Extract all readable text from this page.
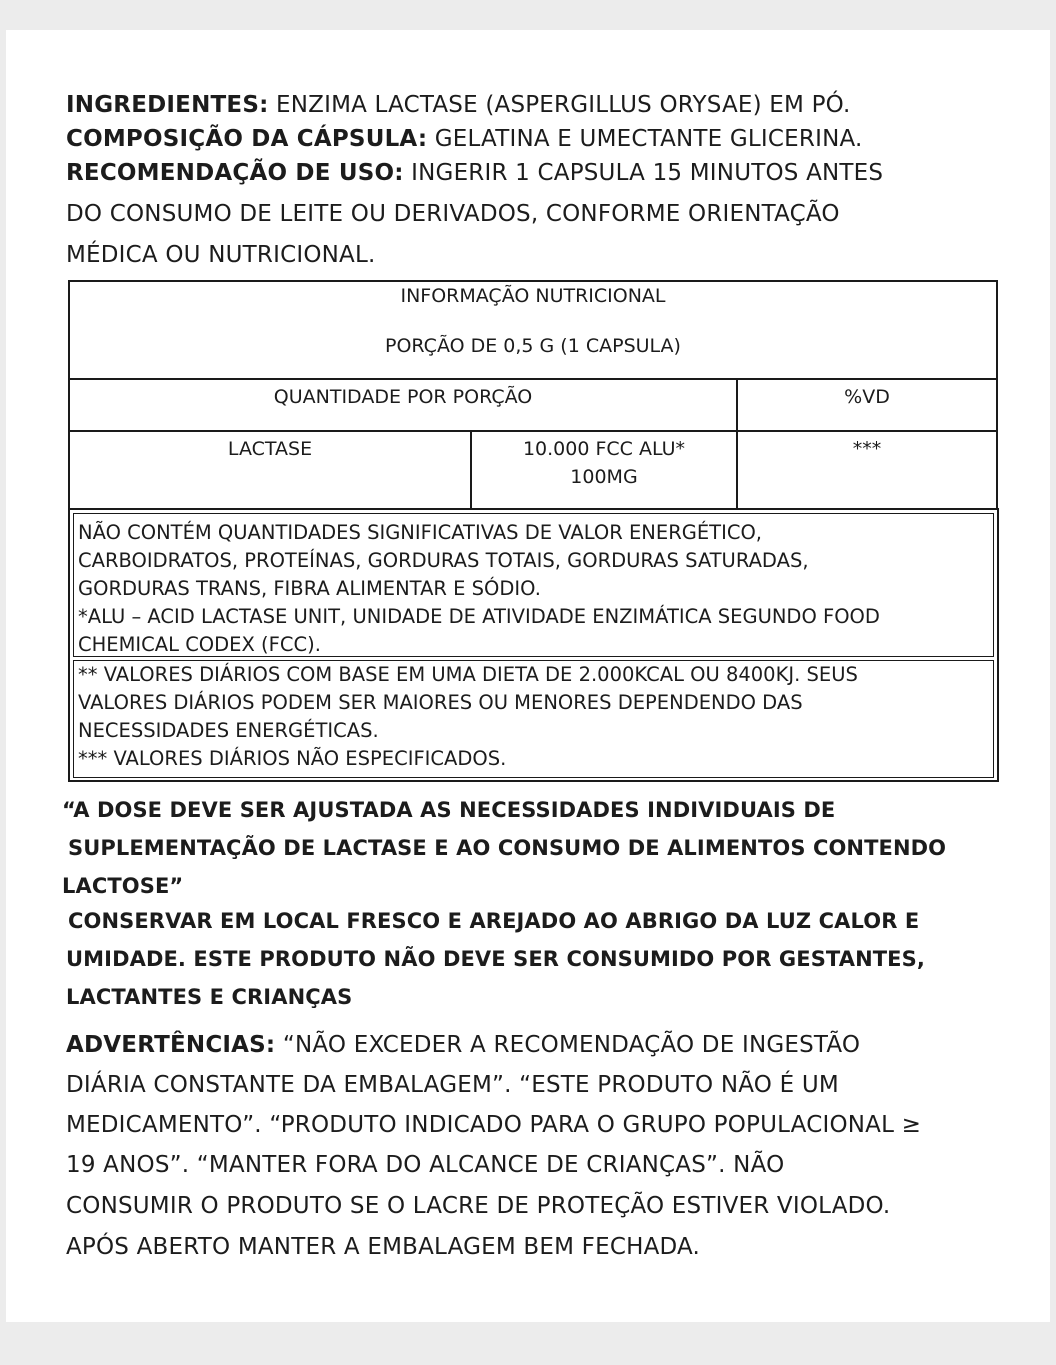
INGREDIENTES: ENZIMA LACTASE (ASPERGILLUS ORYSAE) EM PÓ.
COMPOSIÇÃO DA CÁPSULA: GELATINA E UMECTANTE GLICERINA.
RECOMENDAÇÃO DE USO: INGERIR 1 CAPSULA 15 MINUTOS ANTES
DO CONSUMO DE LEITE OU DERIVADOS, CONFORME ORIENTAÇÃO
MÉDICA OU NUTRICIONAL.
INFORMAÇÃO NUTRICIONAL
PORÇÃO DE 0,5 G (1 CAPSULA)
QUANTIDADE POR PORÇÃO	%VD
LACTASE	10.000 FCC ALU*
100MG
***
NÃO CONTÉM QUANTIDADES SIGNIFICATIVAS DE VALOR ENERGÉTICO,
CARBOIDRATOS, PROTEÍNAS, GORDURAS TOTAIS, GORDURAS SATURADAS,
GORDURAS TRANS, FIBRA ALIMENTAR E SÓDIO.
*ALU – ACID LACTASE UNIT, UNIDADE DE ATIVIDADE ENZIMÁTICA SEGUNDO FOOD
CHEMICAL CODEX (FCC).
** VALORES DIÁRIOS COM BASE EM UMA DIETA DE 2.000KCAL OU 8400KJ. SEUS
VALORES DIÁRIOS PODEM SER MAIORES OU MENORES DEPENDENDO DAS
NECESSIDADES ENERGÉTICAS.
*** VALORES DIÁRIOS NÃO ESPECIFICADOS.
“A DOSE DEVE SER AJUSTADA AS NECESSIDADES INDIVIDUAIS DE
SUPLEMENTAÇÃO DE LACTASE E AO CONSUMO DE ALIMENTOS CONTENDO
LACTOSE”
CONSERVAR EM LOCAL FRESCO E AREJADO AO ABRIGO DA LUZ CALOR E
UMIDADE. ESTE PRODUTO NÃO DEVE SER CONSUMIDO POR GESTANTES,
LACTANTES E CRIANÇAS
ADVERTÊNCIAS: “NÃO EXCEDER A RECOMENDAÇÃO DE INGESTÃO
DIÁRIA CONSTANTE DA EMBALAGEM”. “ESTE PRODUTO NÃO É UM
MEDICAMENTO”. “PRODUTO INDICADO PARA O GRUPO POPULACIONAL ≥
19 ANOS”. “MANTER FORA DO ALCANCE DE CRIANÇAS”. NÃO
CONSUMIR O PRODUTO SE O LACRE DE PROTEÇÃO ESTIVER VIOLADO.
APÓS ABERTO MANTER A EMBALAGEM BEM FECHADA.
